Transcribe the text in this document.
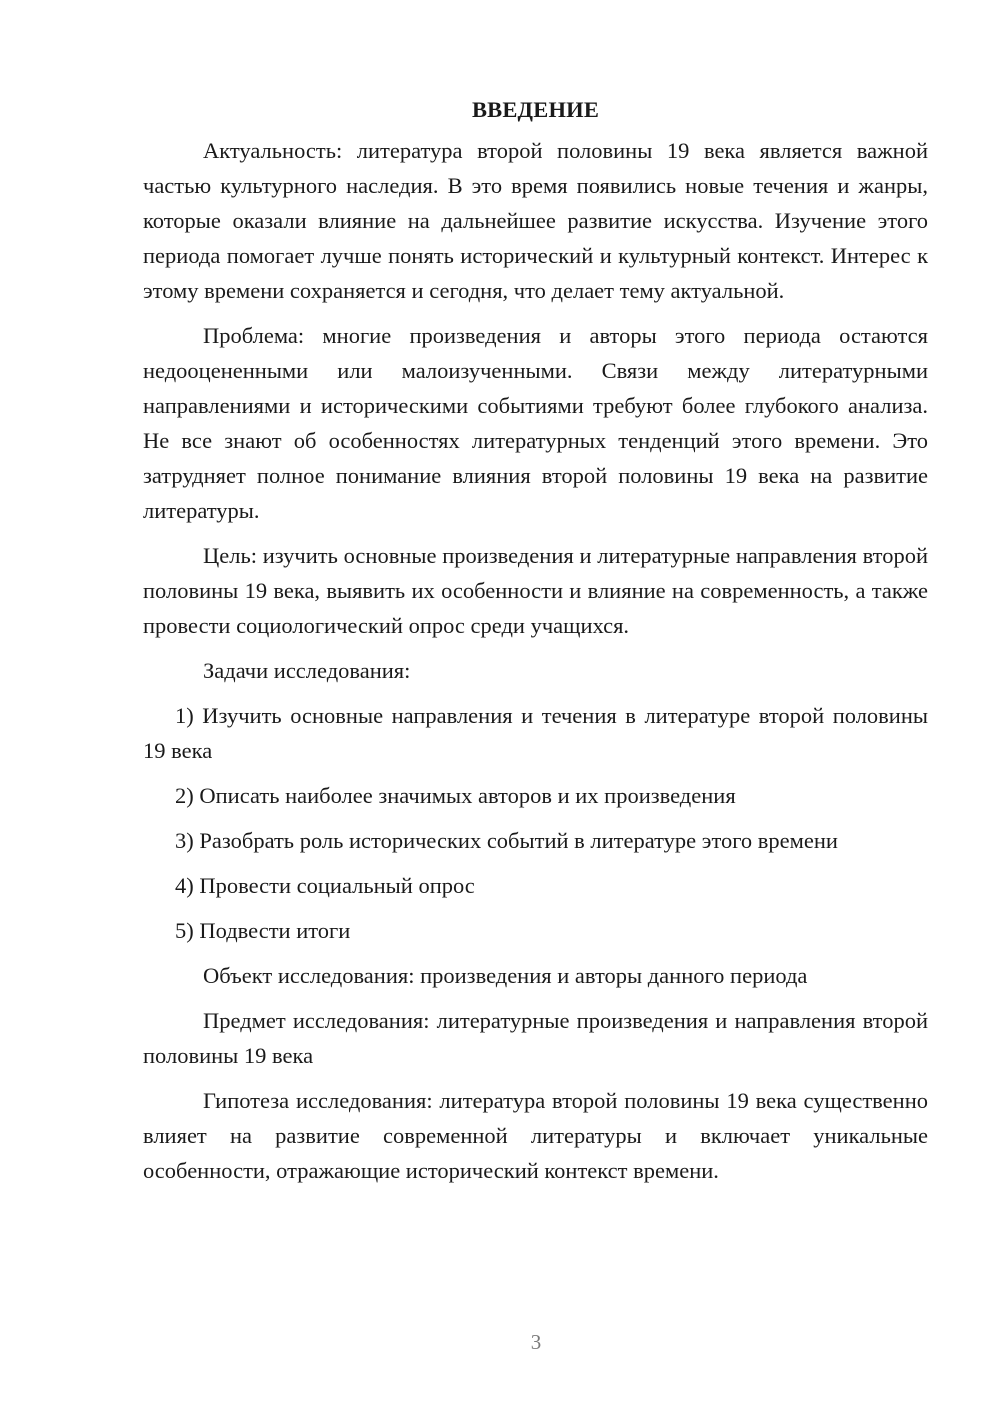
ВВЕДЕНИЕ

Актуальность: литература второй половины 19 века является важной частью культурного наследия. В это время появились новые течения и жанры, которые оказали влияние на дальнейшее развитие искусства. Изучение этого периода помогает лучше понять исторический и культурный контекст. Интерес к этому времени сохраняется и сегодня, что делает тему актуальной.

Проблема: многие произведения и авторы этого периода остаются недооцененными или малоизученными. Связи между литературными направлениями и историческими событиями требуют более глубокого анализа. Не все знают об особенностях литературных тенденций этого времени. Это затрудняет полное понимание влияния второй половины 19 века на развитие литературы.

Цель: изучить основные произведения и литературные направления второй половины 19 века, выявить их особенности и влияние на современность, а также провести социологический опрос среди учащихся.

Задачи исследования:

1) Изучить основные направления и течения в литературе второй половины 19 века

2) Описать наиболее значимых авторов и их произведения

3) Разобрать роль исторических событий в литературе этого времени

4) Провести социальный опрос

5) Подвести итоги

Объект исследования: произведения и авторы данного периода

Предмет исследования: литературные произведения и направления второй половины 19 века

Гипотеза исследования: литература второй половины 19 века существенно влияет на развитие современной литературы и включает уникальные особенности, отражающие исторический контекст времени.

3
